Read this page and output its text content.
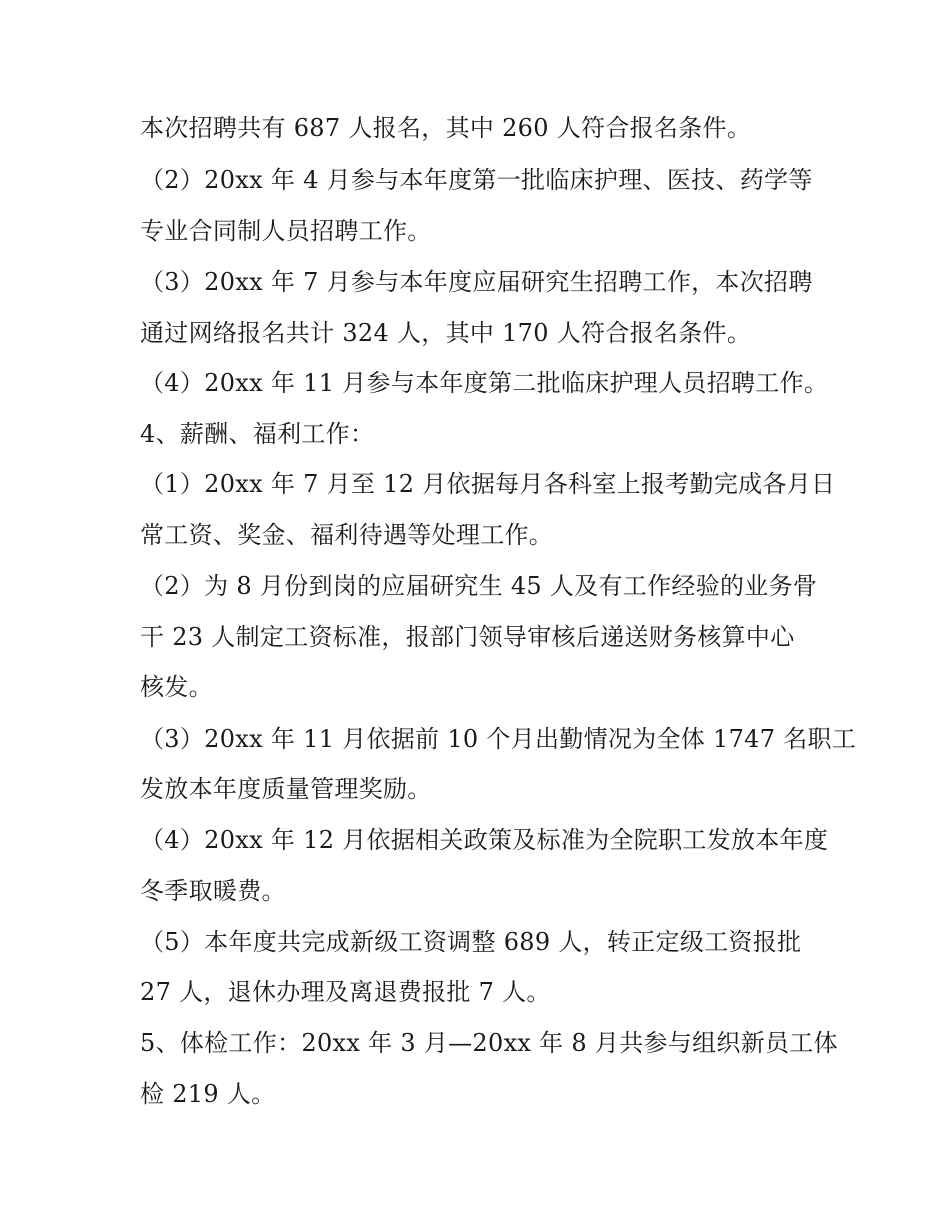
本次招聘共有 687 人报名，其中 260 人符合报名条件。
（2）20xx 年 4 月参与本年度第一批临床护理、医技、药学等
专业合同制人员招聘工作。
（3）20xx 年 7 月参与本年度应届研究生招聘工作，本次招聘
通过网络报名共计 324 人，其中 170 人符合报名条件。
（4）20xx 年 11 月参与本年度第二批临床护理人员招聘工作。
4、薪酬、福利工作：
（1）20xx 年 7 月至 12 月依据每月各科室上报考勤完成各月日
常工资、奖金、福利待遇等处理工作。
（2）为 8 月份到岗的应届研究生 45 人及有工作经验的业务骨
干 23 人制定工资标准，报部门领导审核后递送财务核算中心
核发。
（3）20xx 年 11 月依据前 10 个月出勤情况为全体 1747 名职工
发放本年度质量管理奖励。
（4）20xx 年 12 月依据相关政策及标准为全院职工发放本年度
冬季取暖费。
（5）本年度共完成新级工资调整 689 人，转正定级工资报批
27 人，退休办理及离退费报批 7 人。
5、体检工作：20xx 年 3 月—20xx 年 8 月共参与组织新员工体
检 219 人。
